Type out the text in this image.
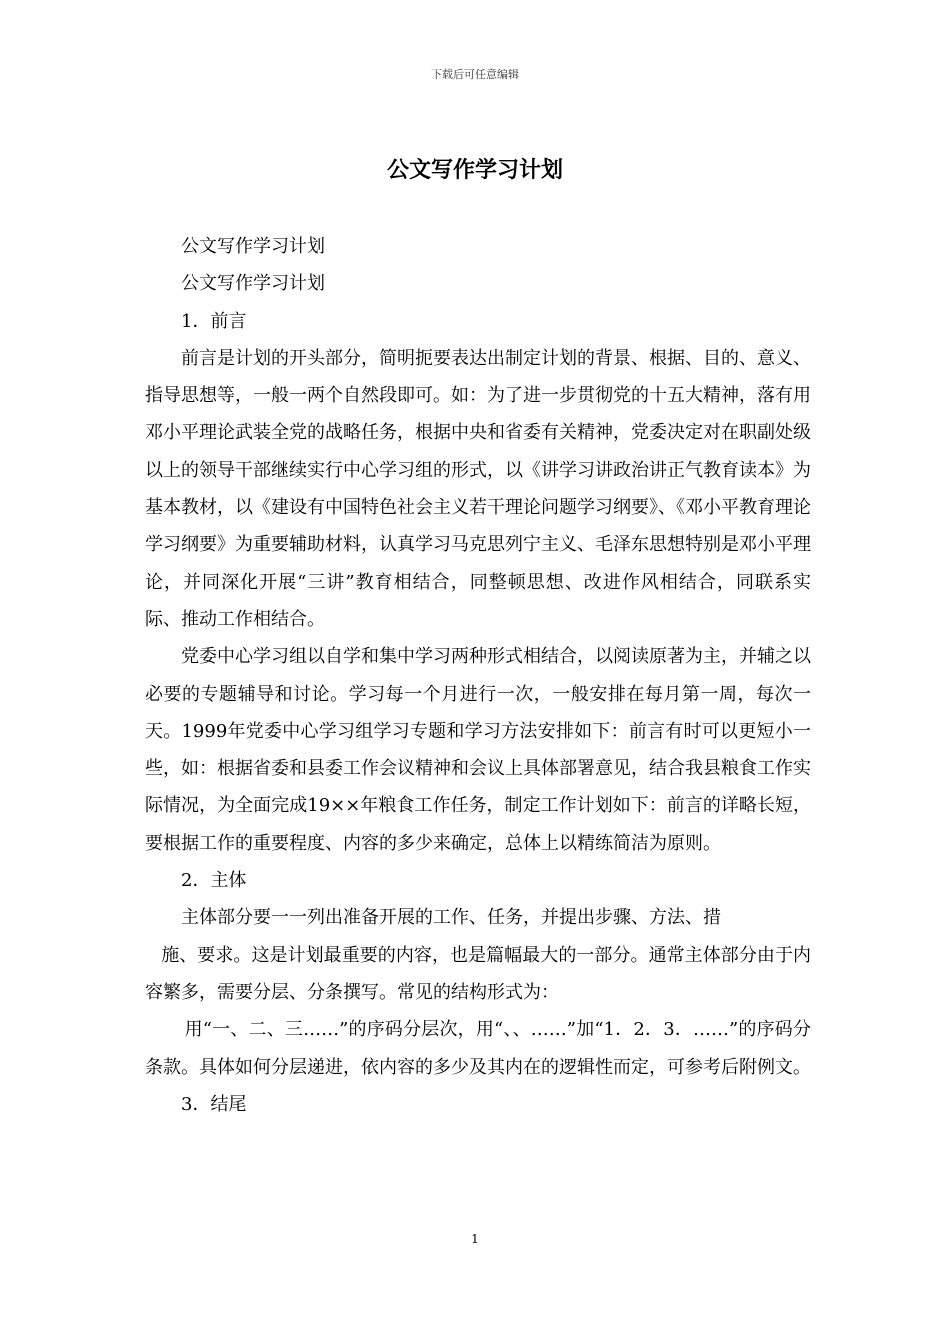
下载后可任意编辑
公文写作学习计划

公文写作学习计划

公文写作学习计划

1．前言

前言是计划的开头部分，简明扼要表达出制定计划的背景、根据、目的、意义、指导思想等，一般一两个自然段即可。如：为了进一步贯彻党的十五大精神，落有用邓小平理论武装全党的战略任务，根据中央和省委有关精神，党委决定对在职副处级以上的领导干部继续实行中心学习组的形式，以《讲学习讲政治讲正气教育读本》为基本教材，以《建设有中国特色社会主义若干理论问题学习纲要》、《邓小平教育理论学习纲要》为重要辅助材料，认真学习马克思列宁主义、毛泽东思想特别是邓小平理论，并同深化开展“三讲”教育相结合，同整顿思想、改进作风相结合，同联系实际、推动工作相结合。

党委中心学习组以自学和集中学习两种形式相结合，以阅读原著为主，并辅之以必要的专题辅导和讨论。学习每一个月进行一次，一般安排在每月第一周，每次一天。1999年党委中心学习组学习专题和学习方法安排如下：前言有时可以更短小一些，如：根据省委和县委工作会议精神和会议上具体部署意见，结合我县粮食工作实际情况，为全面完成19××年粮食工作任务，制定工作计划如下：前言的详略长短，要根据工作的重要程度、内容的多少来确定，总体上以精练简洁为原则。

2．主体

主体部分要一一列出准备开展的工作、任务，并提出步骤、方法、措

施、要求。这是计划最重要的内容，也是篇幅最大的一部分。通常主体部分由于内容繁多，需要分层、分条撰写。常见的结构形式为：

用“一、二、三……”的序码分层次，用“、、……”加“1．2．3．……”的序码分条款。具体如何分层递进，依内容的多少及其内在的逻辑性而定，可参考后附例文。

3．结尾

1
